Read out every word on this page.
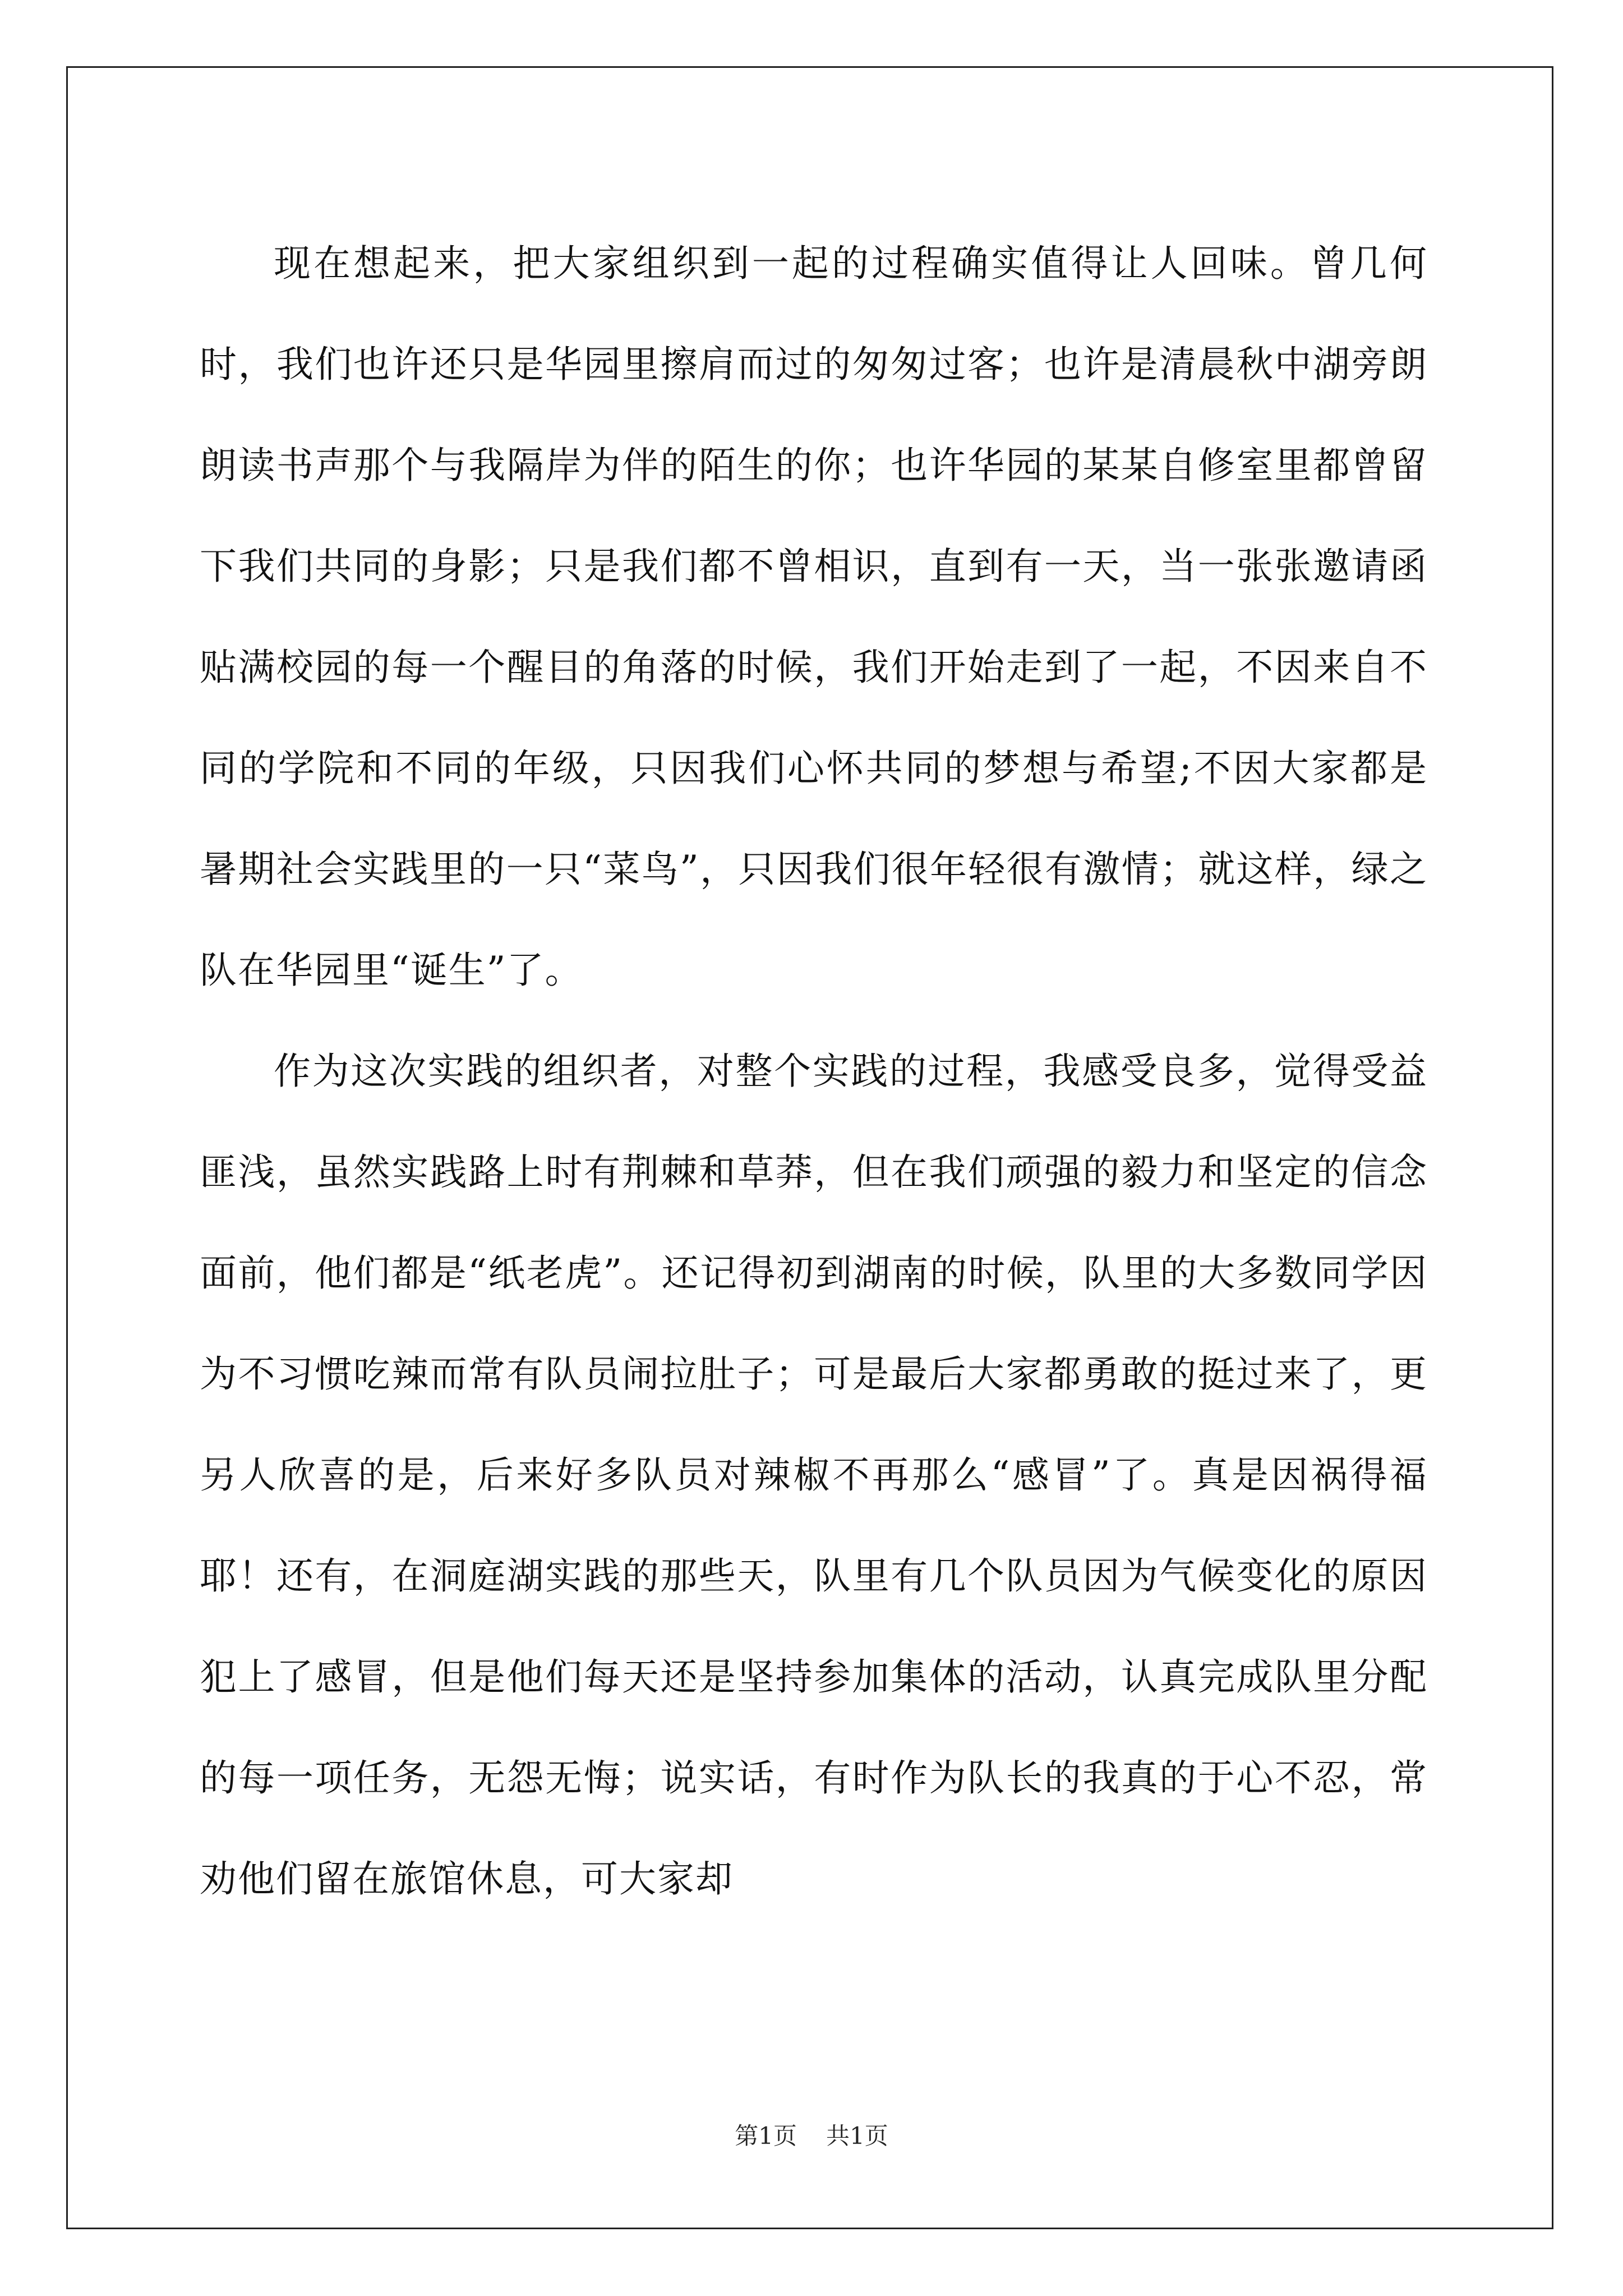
现在想起来，把大家组织到一起的过程确实值得让人回味。曾几何时，我们也许还只是华园里擦肩而过的匆匆过客；也许是清晨秋中湖旁朗朗读书声那个与我隔岸为伴的陌生的你；也许华园的某某自修室里都曾留下我们共同的身影；只是我们都不曾相识，直到有一天，当一张张邀请函贴满校园的每一个醒目的角落的时候，我们开始走到了一起，不因来自不同的学院和不同的年级，只因我们心怀共同的梦想与希望;不因大家都是暑期社会实践里的一只“菜鸟”，只因我们很年轻很有激情；就这样，绿之队在华园里“诞生”了。

作为这次实践的组织者，对整个实践的过程，我感受良多，觉得受益匪浅，虽然实践路上时有荆棘和草莽，但在我们顽强的毅力和坚定的信念面前，他们都是“纸老虎”。还记得初到湖南的时候，队里的大多数同学因为不习惯吃辣而常有队员闹拉肚子；可是最后大家都勇敢的挺过来了，更另人欣喜的是，后来好多队员对辣椒不再那么“感冒”了。真是因祸得福耶！还有，在洞庭湖实践的那些天，队里有几个队员因为气候变化的原因犯上了感冒，但是他们每天还是坚持参加集体的活动，认真完成队里分配的每一项任务，无怨无悔；说实话，有时作为队长的我真的于心不忍，常劝他们留在旅馆休息，可大家却

第1页 共1页
